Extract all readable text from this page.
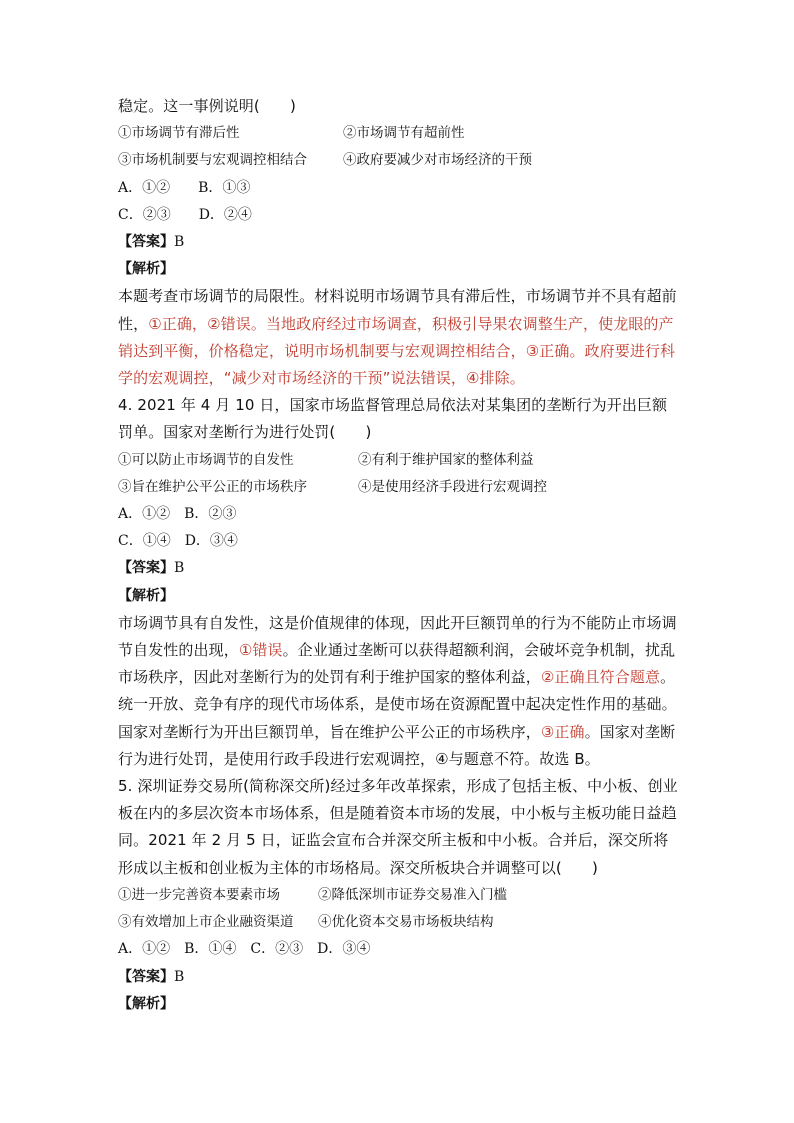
稳定。这一事例说明(　　)
①市场调节有滞后性	②市场调节有超前性
③市场机制要与宏观调控相结合	④政府要减少对市场经济的干预
A．①②　　B．①③
C．②③　　D．②④
【答案】B
【解析】
本题考查市场调节的局限性。材料说明市场调节具有滞后性，市场调节并不具有超前性，①正确，②错误。当地政府经过市场调查，积极引导果农调整生产，使龙眼的产销达到平衡，价格稳定，说明市场机制要与宏观调控相结合，③正确。政府要进行科学的宏观调控，“减少对市场经济的干预”说法错误，④排除。
4. 2021 年 4 月 10 日，国家市场监督管理总局依法对某集团的垄断行为开出巨额罚单。国家对垄断行为进行处罚(　　)
①可以防止市场调节的自发性	②有利于维护国家的整体利益
③旨在维护公平公正的市场秩序	④是使用经济手段进行宏观调控
A．①②　B．②③
C．①④　D．③④
【答案】B
【解析】
市场调节具有自发性，这是价值规律的体现，因此开巨额罚单的行为不能防止市场调节自发性的出现，①错误。企业通过垄断可以获得超额利润，会破坏竞争机制，扰乱市场秩序，因此对垄断行为的处罚有利于维护国家的整体利益，②正确且符合题意。统一开放、竞争有序的现代市场体系，是使市场在资源配置中起决定性作用的基础。国家对垄断行为开出巨额罚单，旨在维护公平公正的市场秩序，③正确。国家对垄断行为进行处罚，是使用行政手段进行宏观调控，④与题意不符。故选 B。
5. 深圳证券交易所(简称深交所)经过多年改革探索，形成了包括主板、中小板、创业板在内的多层次资本市场体系，但是随着资本市场的发展，中小板与主板功能日益趋同。2021 年 2 月 5 日，证监会宣布合并深交所主板和中小板。合并后，深交所将形成以主板和创业板为主体的市场格局。深交所板块合并调整可以(　　)
①进一步完善资本要素市场	②降低深圳市证券交易准入门槛
③有效增加上市企业融资渠道	④优化资本交易市场板块结构
A．①②　B．①④　C．②③　D．③④
【答案】B
【解析】
